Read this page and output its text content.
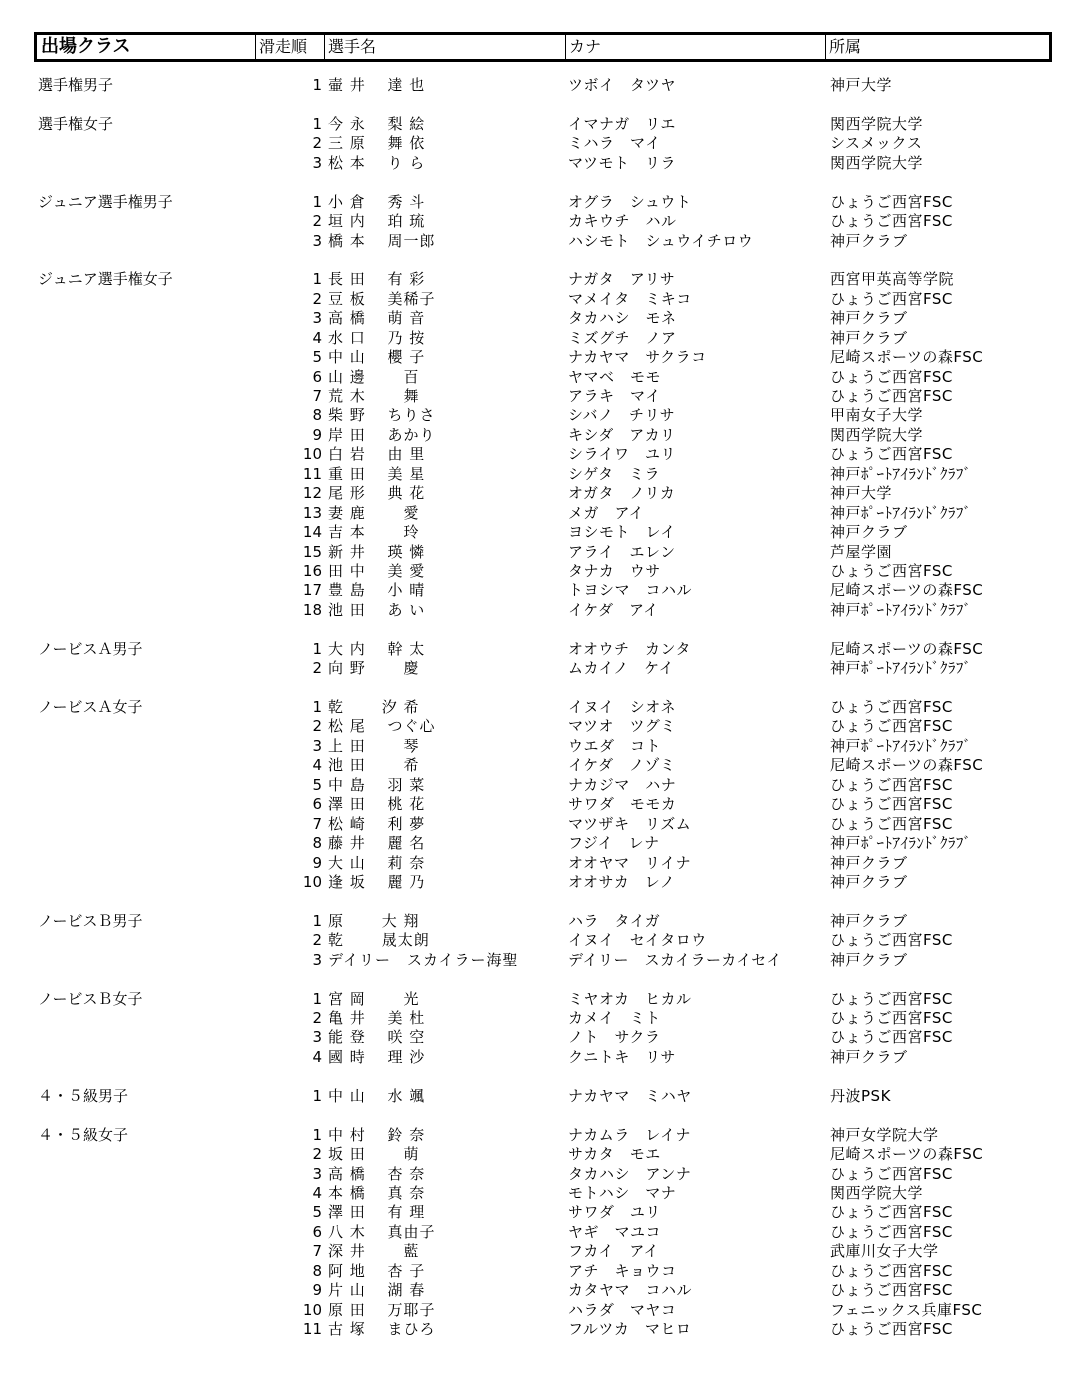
出場クラス	滑走順 選手名	カナ	所属
選手権男子	1 壷 井　 達 也	ツボイ　タツヤ	神戸大学
選手権女子	1 今 永　 梨 絵	イマナガ　リエ	関西学院大学
2 三 原　 舞 依	ミハラ　マイ	シスメックス
3 松 本　 り ら	マツモト　リラ	関西学院大学
ジュニア選手権男子	1 小 倉　 秀 斗	オグラ　シュウト	ひょうご西宮FSC
2 垣 内　 珀 琉	カキウチ　ハル	ひょうご西宮FSC
3 橋 本　 周一郎	ハシモト　シュウイチロウ	神戸クラブ
ジュニア選手権女子	1 長 田　 有 彩	ナガタ　アリサ	西宮甲英高等学院
2 豆 板　 美稀子	マメイタ　ミキコ	ひょうご西宮FSC
3 高 橋　 萌 音	タカハシ　モネ	神戸クラブ
4 水 口　 乃 按	ミズグチ　ノア	神戸クラブ
5 中 山　 櫻 子	ナカヤマ　サクラコ	尼崎スポーツの森FSC
6 山 邊　　 百	ヤマベ　モモ	ひょうご西宮FSC
7 荒 木　　 舞	アラキ　マイ	ひょうご西宮FSC
8 柴 野　 ちりさ	シバノ　チリサ	甲南女子大学
9 岸 田　 あかり	キシダ　アカリ	関西学院大学
10 白 岩　 由 里	シライワ　ユリ	ひょうご西宮FSC
11 重 田　 美 星	シゲタ　ミラ	神戸ﾎﾟｰﾄｱｲﾗﾝﾄﾞｸﾗﾌﾞ
12 尾 形　 典 花	オガタ　ノリカ	神戸大学
13 妻 鹿　　 愛	メガ　アイ	神戸ﾎﾟｰﾄｱｲﾗﾝﾄﾞｸﾗﾌﾞ
14 吉 本　　 玲	ヨシモト　レイ	神戸クラブ
15 新 井　 瑛 憐	アライ　エレン	芦屋学園
16 田 中　 美 愛	タナカ　ウサ	ひょうご西宮FSC
17 豊 島　 小 晴	トヨシマ　コハル	尼崎スポーツの森FSC
18 池 田　 あ い	イケダ　アイ	神戸ﾎﾟｰﾄｱｲﾗﾝﾄﾞｸﾗﾌﾞ
ノービスＡ男子	1 大 内　 幹 太	オオウチ　カンタ	尼崎スポーツの森FSC
2 向 野　　 慶	ムカイノ　ケイ	神戸ﾎﾟｰﾄｱｲﾗﾝﾄﾞｸﾗﾌﾞ
ノービスＡ女子	1 乾　　 汐 希	イヌイ　シオネ	ひょうご西宮FSC
2 松 尾　 つぐ心	マツオ　ツグミ	ひょうご西宮FSC
3 上 田　　 琴	ウエダ　コト	神戸ﾎﾟｰﾄｱｲﾗﾝﾄﾞｸﾗﾌﾞ
4 池 田　　 希	イケダ　ノゾミ	尼崎スポーツの森FSC
5 中 島　 羽 菜	ナカジマ　ハナ	ひょうご西宮FSC
6 澤 田　 桃 花	サワダ　モモカ	ひょうご西宮FSC
7 松 崎　 利 夢	マツザキ　リズム	ひょうご西宮FSC
8 藤 井　 麗 名	フジイ　レナ	神戸ﾎﾟｰﾄｱｲﾗﾝﾄﾞｸﾗﾌﾞ
9 大 山　 莉 奈	オオヤマ　リイナ	神戸クラブ
10 逢 坂　 麗 乃	オオサカ　レノ	神戸クラブ
ノービスＢ男子	1 原　　 大 翔	ハラ　タイガ	神戸クラブ
2 乾　　 晟太朗	イヌイ　セイタロウ	ひょうご西宮FSC
3 デイリー　スカイラー海聖	デイリー　スカイラーカイセイ	神戸クラブ
ノービスＢ女子	1 宮 岡　　 光	ミヤオカ　ヒカル	ひょうご西宮FSC
2 亀 井　 美 杜	カメイ　ミト	ひょうご西宮FSC
3 能 登　 咲 空	ノト　サクラ	ひょうご西宮FSC
4 國 時　 理 沙	クニトキ　リサ	神戸クラブ
４・５級男子	1 中 山　 水 颯	ナカヤマ　ミハヤ	丹波PSK
４・５級女子	1 中 村　 鈴 奈	ナカムラ　レイナ	神戸女学院大学
2 坂 田　　 萌	サカタ　モエ	尼崎スポーツの森FSC
3 高 橋　 杏 奈	タカハシ　アンナ	ひょうご西宮FSC
4 本 橋　 真 奈	モトハシ　マナ	関西学院大学
5 澤 田　 有 理	サワダ　ユリ	ひょうご西宮FSC
6 八 木　 真由子	ヤギ　マユコ	ひょうご西宮FSC
7 深 井　　 藍	フカイ　アイ	武庫川女子大学
8 阿 地　 杏 子	アチ　キョウコ	ひょうご西宮FSC
9 片 山　 湖 春	カタヤマ　コハル	ひょうご西宮FSC
10 原 田　 万耶子	ハラダ　マヤコ	フェニックス兵庫FSC
11 古 塚　 まひろ	フルツカ　マヒロ	ひょうご西宮FSC
